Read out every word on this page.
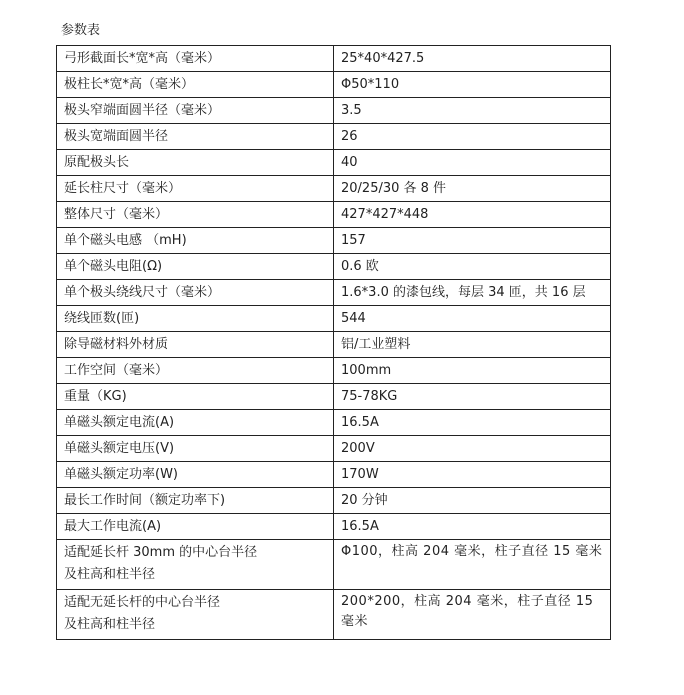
参数表
弓形截面长*宽*高（毫米）	25*40*427.5
极柱长*宽*高（毫米）	Φ50*110
极头窄端面圆半径（毫米）	3.5
极头宽端面圆半径	26
原配极头长	40
延长柱尺寸（毫米）	20/25/30 各 8 件
整体尺寸（毫米）	427*427*448
单个磁头电感 （mH)	157
单个磁头电阻(Ω)	0.6 欧
单个极头绕线尺寸（毫米）	1.6*3.0 的漆包线，每层 34 匝，共 16 层
绕线匝数(匝)	544
除导磁材料外材质	铝/工业塑料
工作空间（毫米）	100mm
重量（KG)	75-78KG
单磁头额定电流(A)	16.5A
单磁头额定电压(V)	200V
单磁头额定功率(W)	170W
最长工作时间（额定功率下)	20 分钟
最大工作电流(A)	16.5A

适配延长杆 30mm 的中心台半径
及柱高和柱半径	Φ100，柱高 204 毫米，柱子直径 15 毫米

适配无延长杆的中心台半径
及柱高和柱半径	200*200，柱高 204 毫米，柱子直径 15 毫米
